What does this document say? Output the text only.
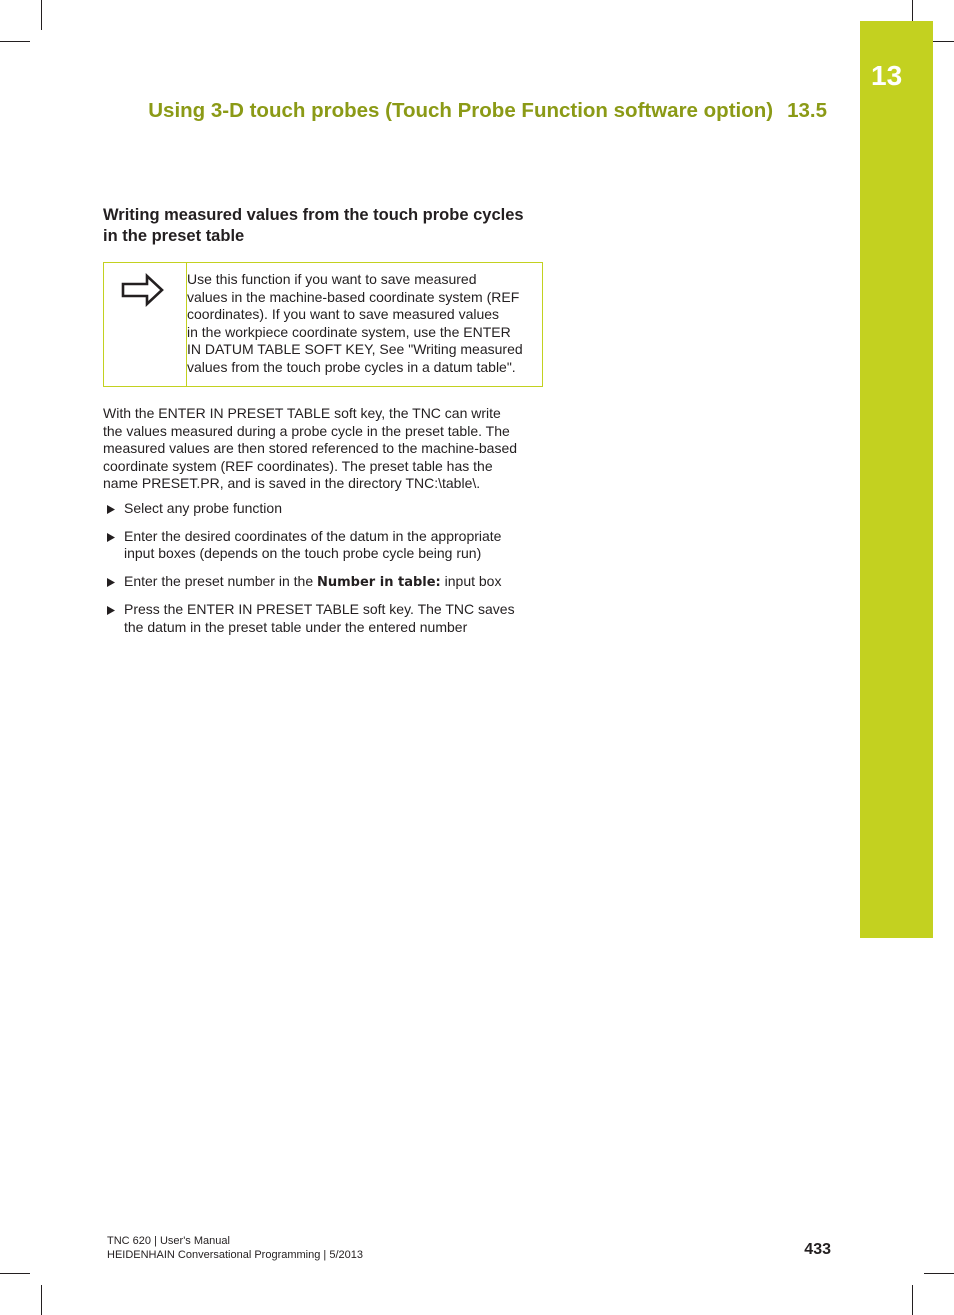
13
Using 3-D touch probes (Touch Probe Function software option) 13.5
Writing measured values from the touch probe cycles
in the preset table
Use this function if you want to save measured
values in the machine-based coordinate system (REF
coordinates). If you want to save measured values
in the workpiece coordinate system, use the ENTER
IN DATUM TABLE SOFT KEY, See "Writing measured
values from the touch probe cycles in a datum table".
With the ENTER IN PRESET TABLE soft key, the TNC can write
the values measured during a probe cycle in the preset table. The
measured values are then stored referenced to the machine-based
coordinate system (REF coordinates). The preset table has the
name PRESET.PR, and is saved in the directory TNC:\table\.
Select any probe function
Enter the desired coordinates of the datum in the appropriate
input boxes (depends on the touch probe cycle being run)
Enter the preset number in the Number in table: input box
Press the ENTER IN PRESET TABLE soft key. The TNC saves
the datum in the preset table under the entered number
TNC 620 | User's Manual
HEIDENHAIN Conversational Programming | 5/2013	433
